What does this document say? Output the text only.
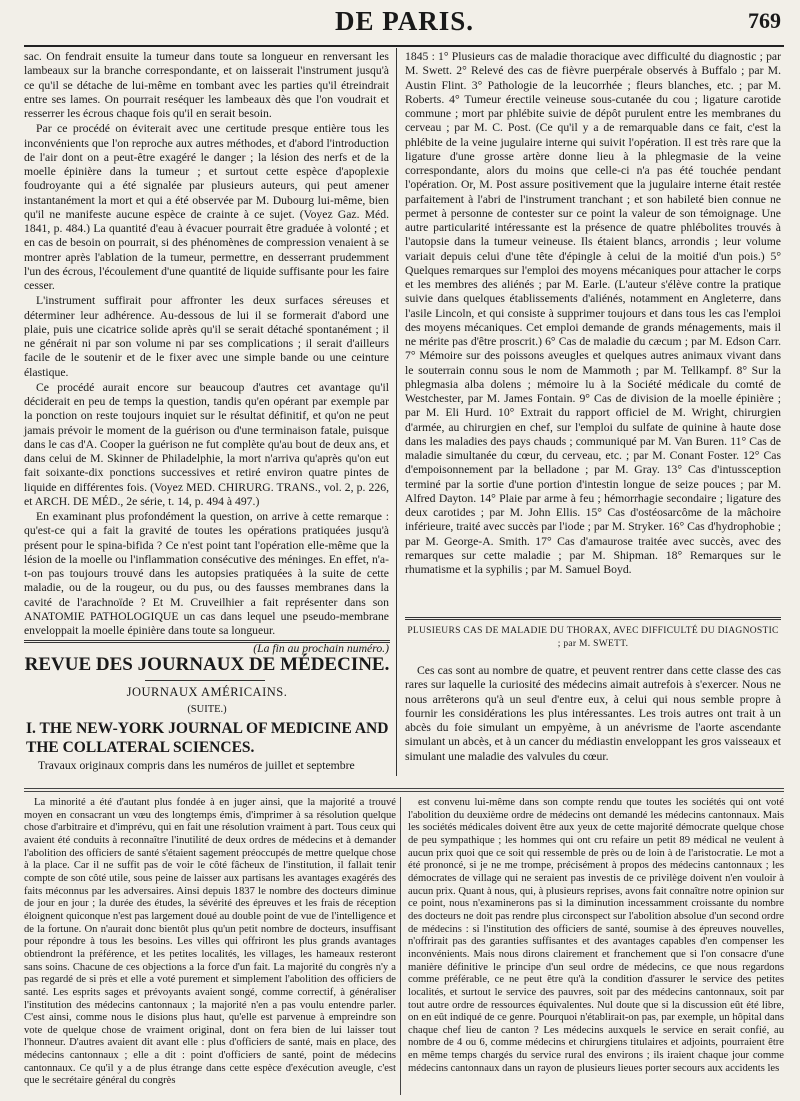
DE PARIS.	769

sac. On fendrait ensuite la tumeur dans toute sa longueur en renversant les lambeaux sur la branche correspondante, et on laisserait l'instrument jusqu'à ce qu'il se détache de lui-même en tombant avec les parties qu'il étreindrait entre ses lames. On pourrait reséquer les lambeaux dès que l'on voudrait et resserrer les écrous chaque fois qu'il en serait besoin.

Par ce procédé on éviterait avec une certitude presque entière tous les inconvénients que l'on reproche aux autres méthodes, et d'abord l'introduction de l'air dont on a peut-être exagéré le danger ; la lésion des nerfs et de la moelle épinière dans la tumeur ; et surtout cette espèce d'apoplexie foudroyante qui a été signalée par plusieurs auteurs, qui peut amener instantanément la mort et qui a été observée par M. Dubourg lui-même, bien qu'il ne manifeste aucune espèce de crainte à ce sujet. (Voyez Gaz. Méd. 1841, p. 484.) La quantité d'eau à évacuer pourrait être graduée à volonté ; et en cas de besoin on pourrait, si des phénomènes de compression venaient à se montrer après l'ablation de la tumeur, permettre, en desserrant prudemment l'un des écrous, l'écoulement d'une quantité de liquide suffisante pour les faire cesser.

L'instrument suffirait pour affronter les deux surfaces séreuses et déterminer leur adhérence. Au-dessous de lui il se formerait d'abord une plaie, puis une cicatrice solide après qu'il se serait détaché spontanément ; il ne générait ni par son volume ni par ses complications ; il serait d'ailleurs facile de le soutenir et de le fixer avec une simple bande ou une ceinture élastique.

Ce procédé aurait encore sur beaucoup d'autres cet avantage qu'il déciderait en peu de temps la question, tandis qu'en opérant par exemple par la ponction on reste toujours inquiet sur le résultat définitif, et qu'on ne peut jamais prévoir le moment de la guérison ou d'une terminaison fatale, puisque dans le cas d'A. Cooper la guérison ne fut complète qu'au bout de deux ans, et dans celui de M. Skinner de Philadelphie, la mort n'arriva qu'après qu'on eut fait soixante-dix ponctions successives et retiré environ quatre pintes de liquide en différentes fois. (Voyez MED. CHIRURG. TRANS., vol. 2, p. 226, et ARCH. DE MÉD., 2e série, t. 14, p. 494 à 497.)

En examinant plus profondément la question, on arrive à cette remarque : qu'est-ce qui a fait la gravité de toutes les opérations pratiquées jusqu'à présent pour le spina-bifida ? Ce n'est point tant l'opération elle-même que la lésion de la moelle ou l'inflammation consécutive des méninges. En effet, n'a-t-on pas toujours trouvé dans les autopsies pratiquées à la suite de cette maladie, ou de la rougeur, ou du pus, ou des fausses membranes dans la cavité de l'arachnoïde ? Et M. Cruveilhier a fait représenter dans son ANATOMIE PATHOLOGIQUE un cas dans lequel une pseudo-membrane enveloppait la moelle épinière dans toute sa longueur.

(La fin au prochain numéro.)

REVUE DES JOURNAUX DE MÉDECINE.
JOURNAUX AMÉRICAINS.
(SUITE.)
I. THE NEW-YORK JOURNAL OF MEDICINE AND THE COLLATERAL SCIENCES.
Travaux originaux compris dans les numéros de juillet et septembre

1845 : 1° Plusieurs cas de maladie thoracique avec difficulté du diagnostic ; par M. Swett. 2° Relevé des cas de fièvre puerpérale observés à Buffalo ; par M. Austin Flint. 3° Pathologie de la leucorrhée ; fleurs blanches, etc. ; par M. Roberts. 4° Tumeur érectile veineuse sous-cutanée du cou ; ligature carotide commune ; mort par phlébite suivie de dépôt purulent entre les membranes du cerveau ; par M. C. Post. (Ce qu'il y a de remarquable dans ce fait, c'est la phlébite de la veine jugulaire interne qui suivit l'opération. Il est très rare que la ligature d'une grosse artère donne lieu à la phlegmasie de la veine correspondante, alors du moins que celle-ci n'a pas été touchée pendant l'opération. Or, M. Post assure positivement que la jugulaire interne était restée parfaitement à l'abri de l'instrument tranchant ; et son habileté bien connue ne permet à personne de contester sur ce point la valeur de son témoignage. Une autre particularité intéressante est la présence de quatre phlébolites trouvés à l'autopsie dans la tumeur veineuse. Ils étaient blancs, arrondis ; leur volume variait depuis celui d'une tête d'épingle à celui de la moitié d'un pois.) 5° Quelques remarques sur l'emploi des moyens mécaniques pour attacher le corps et les membres des aliénés ; par M. Earle. (L'auteur s'élève contre la pratique suivie dans quelques établissements d'aliénés, notamment en Angleterre, dans l'asile Lincoln, et qui consiste à supprimer toujours et dans tous les cas l'emploi des moyens mécaniques. Cet emploi demande de grands ménagements, mais il ne mérite pas d'être proscrit.) 6° Cas de maladie du cæcum ; par M. Edson Carr. 7° Mémoire sur des poissons aveugles et quelques autres animaux vivant dans le souterrain connu sous le nom de Mammoth ; par M. Tellkampf. 8° Sur la phlegmasia alba dolens ; mémoire lu à la Société médicale du comté de Westchester, par M. James Fontain. 9° Cas de division de la moelle épinière ; par M. Eli Hurd. 10° Extrait du rapport officiel de M. Wright, chirurgien d'armée, au chirurgien en chef, sur l'emploi du sulfate de quinine à haute dose dans les maladies des pays chauds ; communiqué par M. Van Buren. 11° Cas de maladie simultanée du cœur, du cerveau, etc. ; par M. Conant Foster. 12° Cas d'empoisonnement par la belladone ; par M. Gray. 13° Cas d'intussception terminé par la sortie d'une portion d'intestin longue de seize pouces ; par M. Alfred Dayton. 14° Plaie par arme à feu ; hémorrhagie secondaire ; ligature des deux carotides ; par M. John Ellis. 15° Cas d'ostéosarcôme de la mâchoire inférieure, traité avec succès par l'iode ; par M. Stryker. 16° Cas d'hydrophobie ; par M. George-A. Smith. 17° Cas d'amaurose traitée avec succès, avec des remarques sur cette maladie ; par M. Shipman. 18° Remarques sur le rhumatisme et la syphilis ; par M. Samuel Boyd.

PLUSIEURS CAS DE MALADIE DU THORAX, AVEC DIFFICULTÉ DU DIAGNOSTIC ; par M. SWETT.

Ces cas sont au nombre de quatre, et peuvent rentrer dans cette classe des cas rares sur laquelle la curiosité des médecins aimait autrefois à s'exercer. Nous ne nous arrêterons qu'à un seul d'entre eux, à celui qui nous semble propre à fournir les considérations les plus intéressantes. Les trois autres ont trait à un abcès du foie simulant un empyème, à un anévrisme de l'aorte ascendante simulant un abcès, et à un cancer du médiastin enveloppant les gros vaisseaux et simulant une maladie des valvules du cœur.

La minorité a été d'autant plus fondée à en juger ainsi, que la majorité a trouvé moyen en consacrant un vœu des longtemps émis, d'imprimer à sa résolution quelque chose d'arbitraire et d'imprévu, qui en fait une résolution vraiment à part. Tous ceux qui avaient été conduits à reconnaître l'inutilité de deux ordres de médecins et à demander l'abolition des officiers de santé s'étaient sagement préoccupés de mettre quelque chose à la place. Car il ne suffit pas de voir le côté fâcheux de l'institution, il fallait tenir compte de son côté utile, sous peine de laisser aux partisans les avantages exagérés des faits méconnus par les adversaires. Ainsi depuis 1837 le nombre des docteurs diminue de jour en jour ; la durée des études, la sévérité des épreuves et les frais de réception éloignent quiconque n'est pas largement doué au double point de vue de l'intelligence et de la fortune. On n'aurait donc bientôt plus qu'un petit nombre de docteurs, insuffisant pour répondre à tous les besoins. Les villes qui offriront les plus grands avantages obtiendront la préférence, et les petites localités, les villages, les hameaux resteront sans soins. Chacune de ces objections a la force d'un fait. La majorité du congrès n'y a pas regardé de si près et elle a voté purement et simplement l'abolition des officiers de santé. Les esprits sages et prévoyants avaient songé, comme correctif, à généraliser l'institution des médecins cantonnaux ; la majorité n'en a pas voulu entendre parler. C'est ainsi, comme nous le disions plus haut, qu'elle est parvenue à empreindre son vote de quelque chose de vraiment original, dont on fera bien de lui laisser tout l'honneur. D'autres avaient dit avant elle : plus d'officiers de santé, mais en place, des médecins cantonnaux ; elle a dit : point d'officiers de santé, point de médecins cantonnaux. Ce qu'il y a de plus étrange dans cette espèce d'exécution aveugle, c'est que le secrétaire général du congrès

est convenu lui-même dans son compte rendu que toutes les sociétés qui ont voté l'abolition du deuxième ordre de médecins ont demandé les médecins cantonnaux. Mais les sociétés médicales doivent être aux yeux de cette majorité démocrate quelque chose de peu sympathique ; les hommes qui ont cru refaire un petit 89 médical ne veulent à aucun prix quoi que ce soit qui ressemble de près ou de loin à de l'aristocratie. Le mot a été prononcé, si je ne me trompe, précisément à propos des médecins cantonnaux ; les démocrates de village qui ne seraient pas investis de ce privilège doivent n'en vouloir à aucun prix. Quant à nous, qui, à plusieurs reprises, avons fait connaître notre opinion sur ce point, nous n'examinerons pas si la diminution incessamment croissante du nombre des docteurs ne doit pas rendre plus circonspect sur l'abolition absolue d'un second ordre de médecins : si l'institution des officiers de santé, soumise à des épreuves nouvelles, n'offrirait pas des garanties suffisantes et des avantages capables d'en compenser les inconvénients. Mais nous dirons clairement et franchement que si l'on consacre d'une manière définitive le principe d'un seul ordre de médecins, ce que nous regardons comme préférable, ce ne peut être qu'à la condition d'assurer le service des petites localités, et surtout le service des pauvres, soit par des médecins cantonnaux, soit par tout autre ordre de ressources équivalentes. Nul doute que si la discussion eût été libre, on en eût indiqué de ce genre. Pourquoi n'établirait-on pas, par exemple, un hôpital dans chaque chef lieu de canton ? Les médecins auxquels le service en serait confié, au nombre de 4 ou 6, comme médecins et chirurgiens titulaires et adjoints, pourraient être en même temps chargés du service rural des environs ; ils iraient chaque jour comme médecins cantonnaux dans un rayon de plusieurs lieues porter secours aux accidents les
